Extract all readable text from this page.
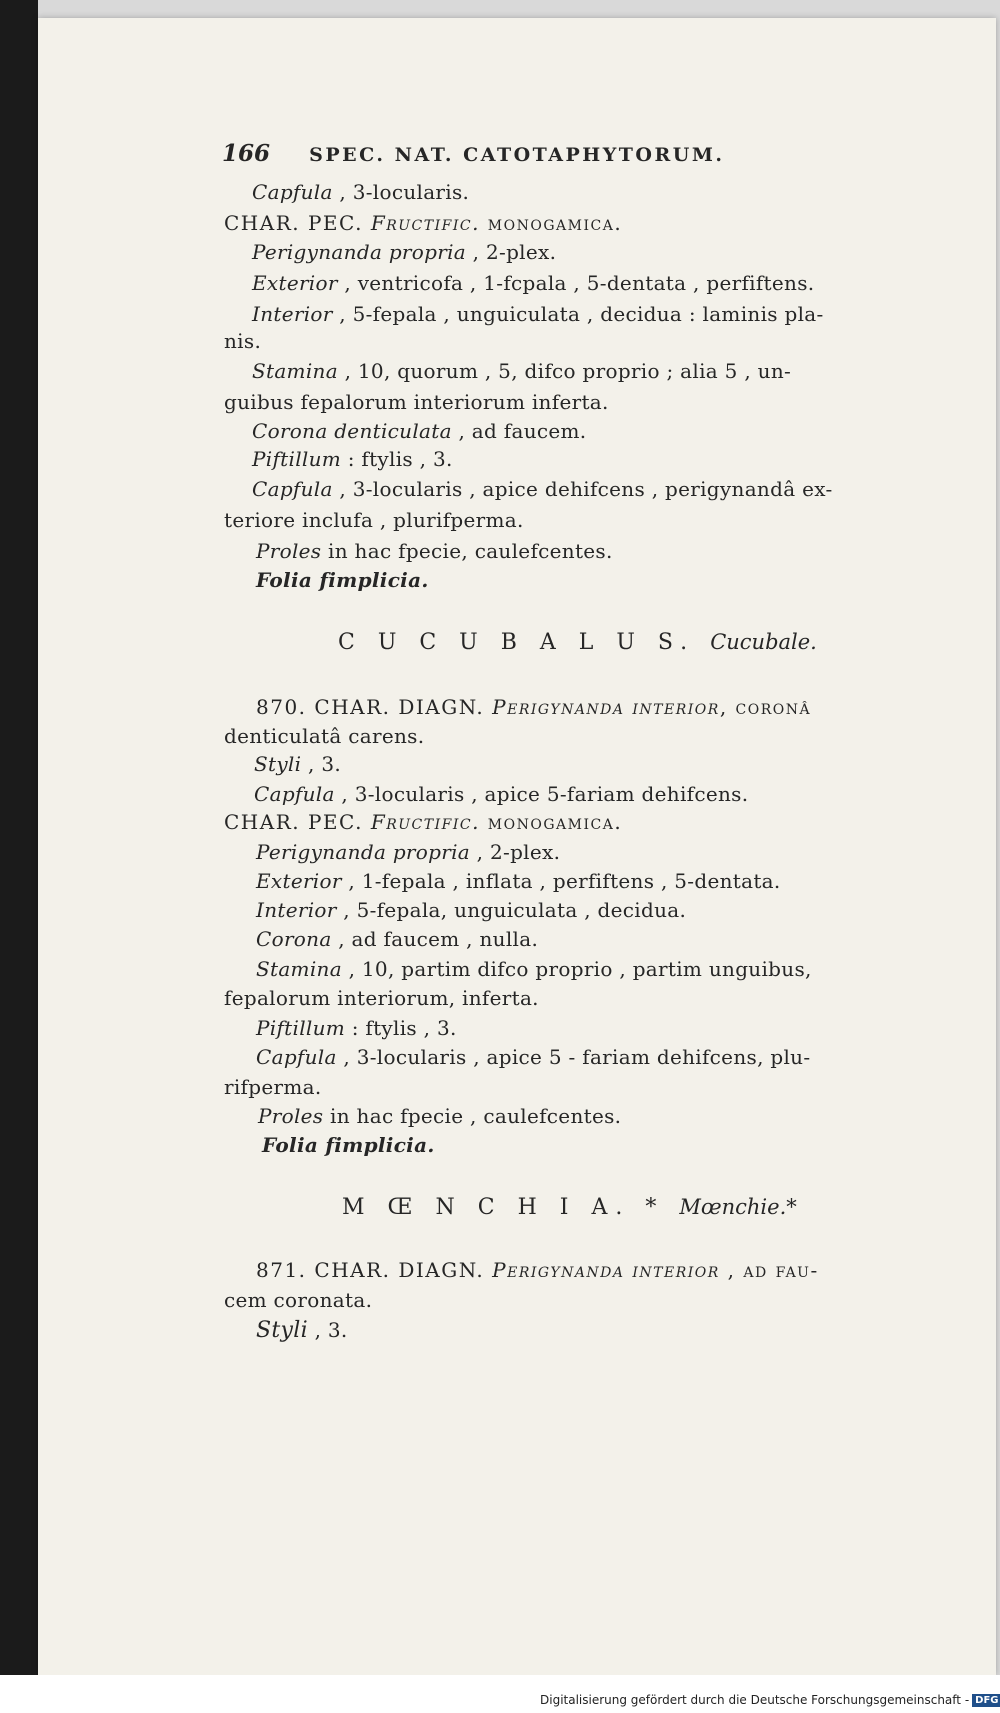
166 SPEC. NAT. CATOTAPHYTORUM.
Capfula , 3-locularis.
CHAR. PEC. Fructific. monogamica.
Perigynanda propria , 2-plex.
Exterior , ventricofa , 1-fcpala , 5-dentata , perfiftens.
Interior , 5-fepala , unguiculata , decidua : laminis pla-
nis.
Stamina , 10, quorum , 5, difco proprio ; alia 5 , un-
guibus fepalorum interiorum inferta.
Corona denticulata , ad faucem.
Piftillum : ftylis , 3.
Capfula , 3-locularis , apice dehifcens , perigynandâ ex-
teriore inclufa , plurifperma.
Proles in hac fpecie, caulefcentes.
Folia fimplicia.
C U C U B A L U S. Cucubale.
870. CHAR. DIAGN. Perigynanda interior, coronâ
denticulatâ carens.
Styli , 3.
Capfula , 3-locularis , apice 5-fariam dehifcens.
CHAR. PEC. Fructific. monogamica.
Perigynanda propria , 2-plex.
Exterior , 1-fepala , inflata , perfiftens , 5-dentata.
Interior , 5-fepala, unguiculata , decidua.
Corona , ad faucem , nulla.
Stamina , 10, partim difco proprio , partim unguibus,
fepalorum interiorum, inferta.
Piftillum : ftylis , 3.
Capfula , 3-locularis , apice 5 - fariam dehifcens, plu-
rifperma.
Proles in hac fpecie , caulefcentes.
Folia fimplicia.
M Œ N C H I A. * Mœnchie.*
871. CHAR. DIAGN. Perigynanda interior , ad fau-
cem coronata.
Styli , 3.
Digitalisierung gefördert durch die Deutsche Forschungsgemeinschaft - DFG
